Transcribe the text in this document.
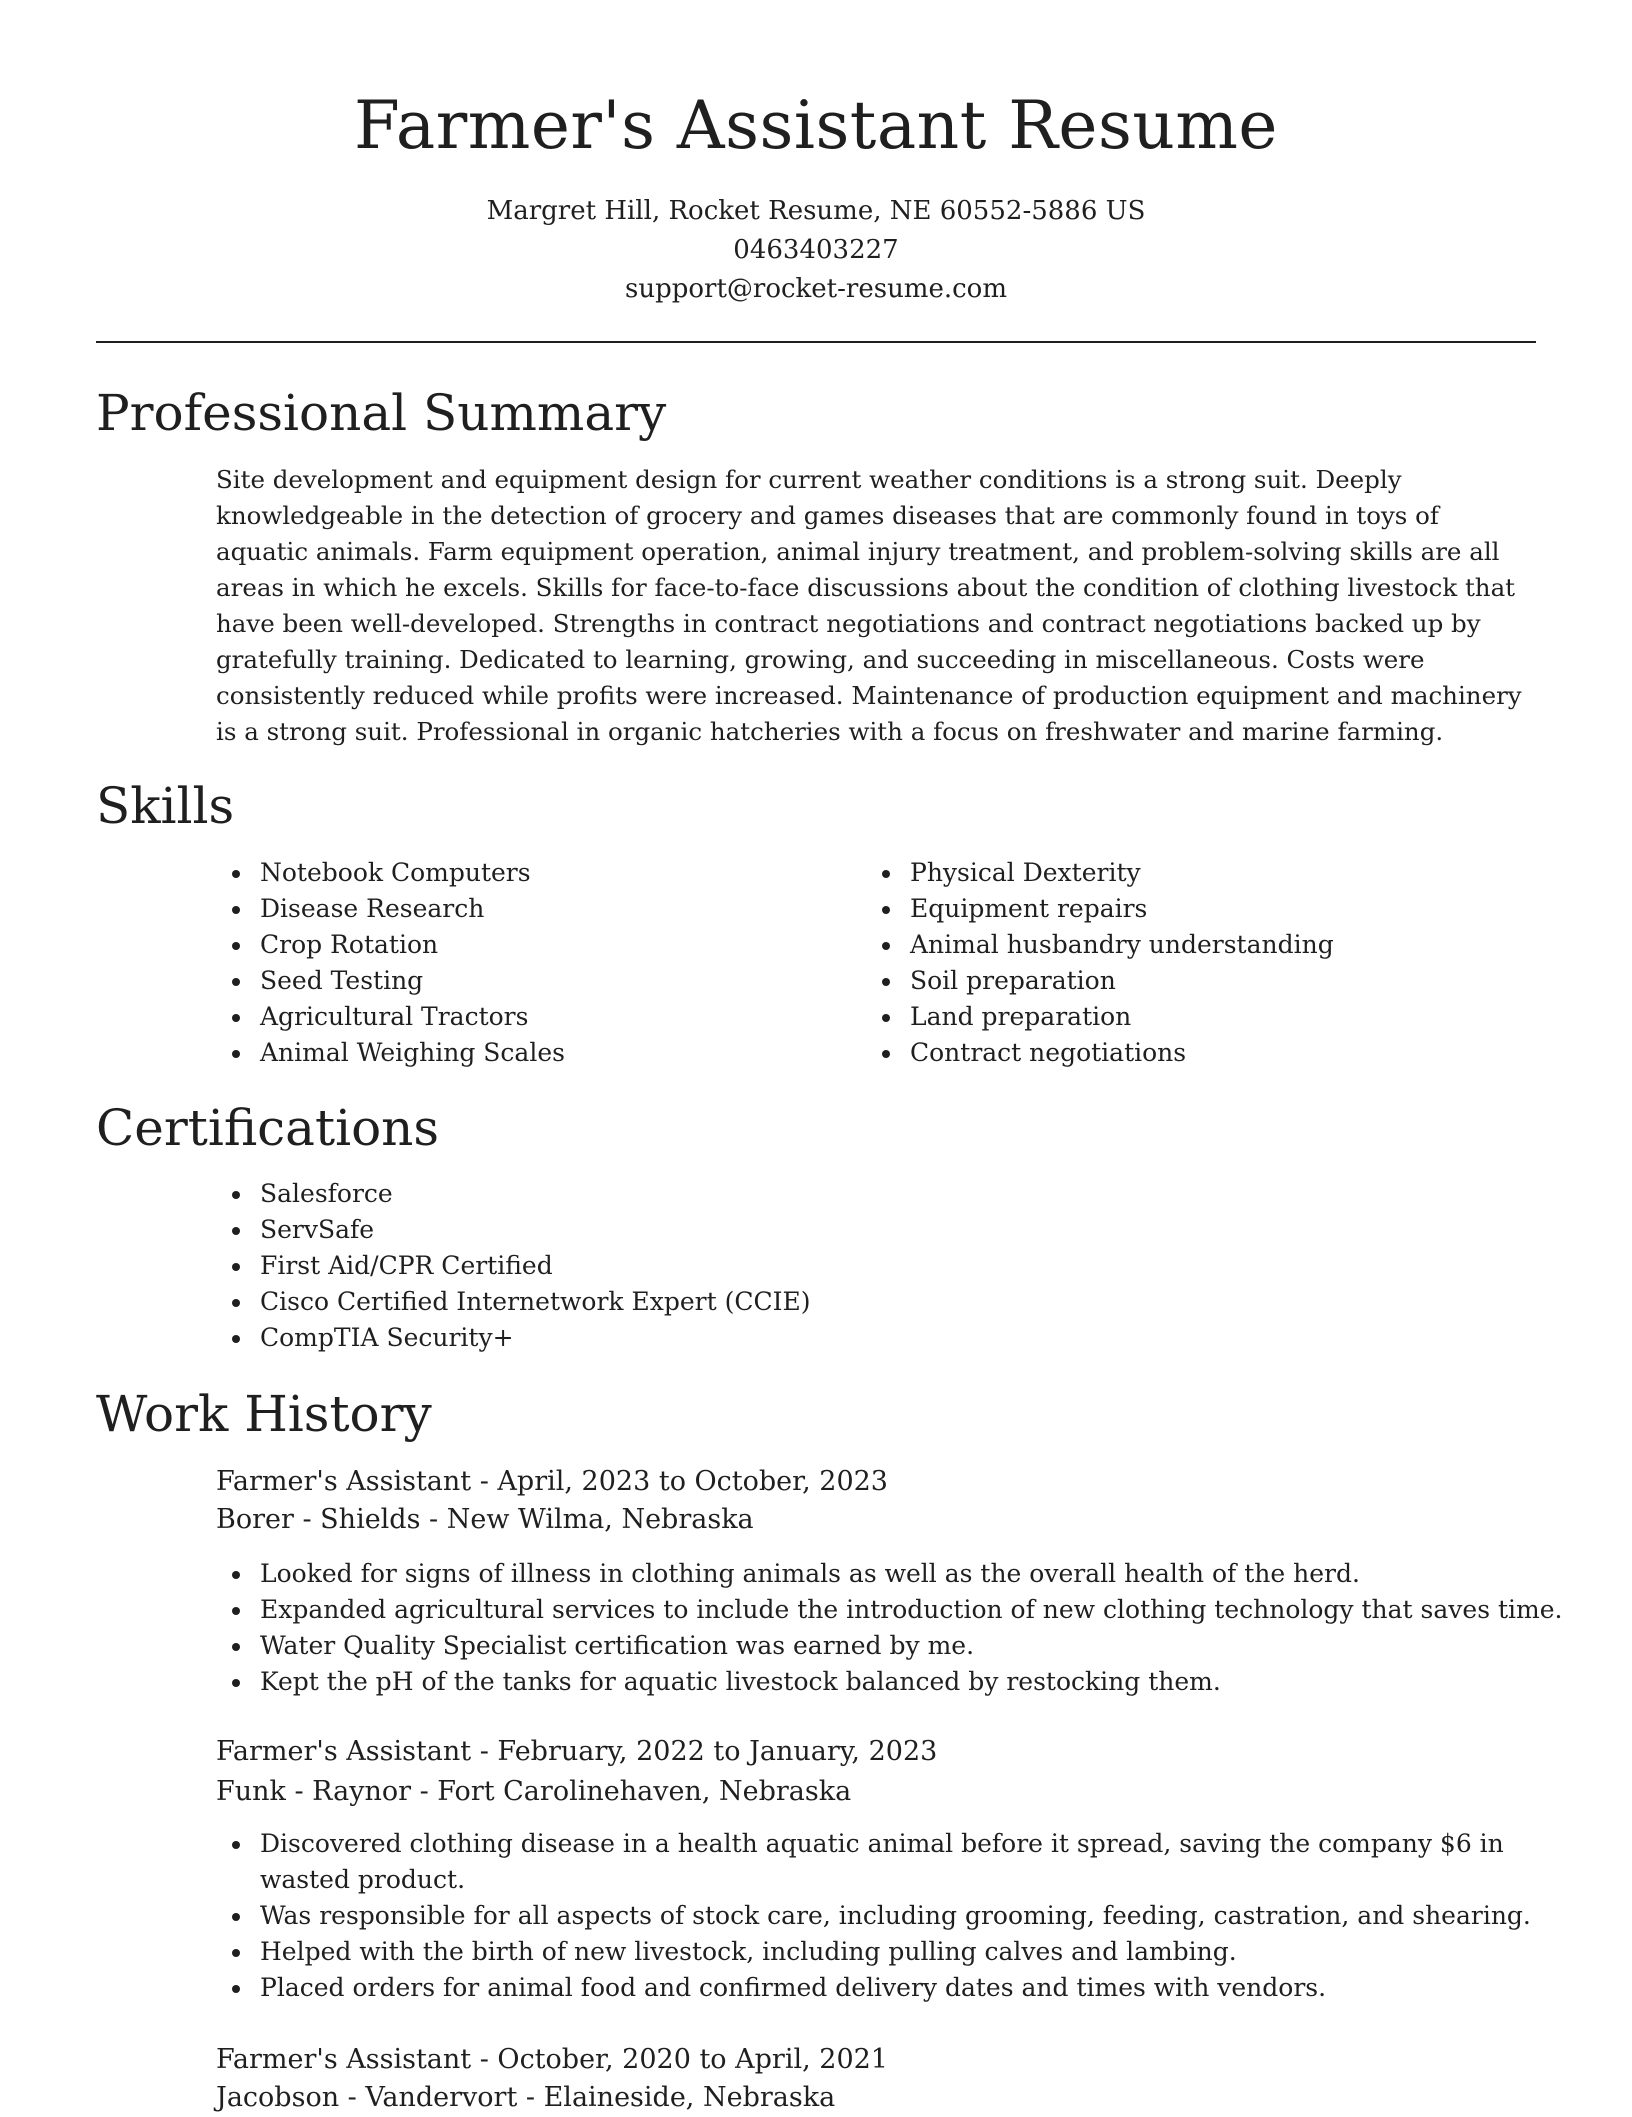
Farmer's Assistant Resume
Margret Hill, Rocket Resume, NE 60552-5886 US
0463403227
support@rocket-resume.com
Professional Summary

Site development and equipment design for current weather conditions is a strong suit. Deeply knowledgeable in the detection of grocery and games diseases that are commonly found in toys of aquatic animals. Farm equipment operation, animal injury treatment, and problem-solving skills are all areas in which he excels. Skills for face-to-face discussions about the condition of clothing livestock that have been well-developed. Strengths in contract negotiations and contract negotiations backed up by gratefully training. Dedicated to learning, growing, and succeeding in miscellaneous. Costs were consistently reduced while profits were increased. Maintenance of production equipment and machinery is a strong suit. Professional in organic hatcheries with a focus on freshwater and marine farming.

Skills
Notebook Computers
Disease Research
Crop Rotation
Seed Testing
Agricultural Tractors
Animal Weighing Scales
Physical Dexterity
Equipment repairs
Animal husbandry understanding
Soil preparation
Land preparation
Contract negotiations
Certifications
Salesforce
ServSafe
First Aid/CPR Certified
Cisco Certified Internetwork Expert (CCIE)
CompTIA Security+
Work History
Farmer's Assistant - April, 2023 to October, 2023
Borer - Shields - New Wilma, Nebraska
Looked for signs of illness in clothing animals as well as the overall health of the herd.
Expanded agricultural services to include the introduction of new clothing technology that saves time.
Water Quality Specialist certification was earned by me.
Kept the pH of the tanks for aquatic livestock balanced by restocking them.
Farmer's Assistant - February, 2022 to January, 2023
Funk - Raynor - Fort Carolinehaven, Nebraska
Discovered clothing disease in a health aquatic animal before it spread, saving the company $6 in wasted product.
Was responsible for all aspects of stock care, including grooming, feeding, castration, and shearing.
Helped with the birth of new livestock, including pulling calves and lambing.
Placed orders for animal food and confirmed delivery dates and times with vendors.
Farmer's Assistant - October, 2020 to April, 2021
Jacobson - Vandervort - Elaineside, Nebraska
